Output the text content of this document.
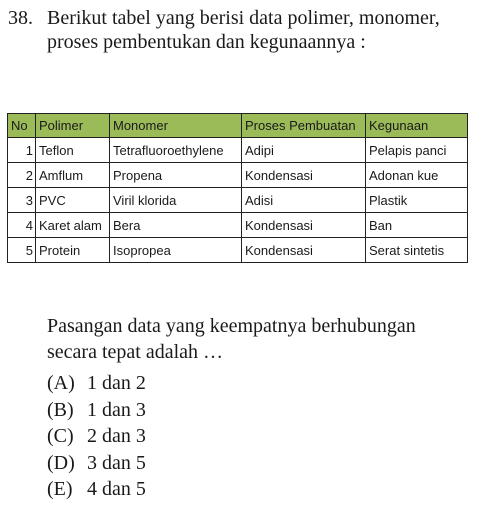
38. Berikut tabel yang berisi data polimer, monomer, proses pembentukan dan kegunaannya :
No	Polimer	Monomer	Proses Pembuatan	Kegunaan
1	Teflon	Tetrafluoroethylene	Adipi	Pelapis panci
2	Amflum	Propena	Kondensasi	Adonan kue
3	PVC	Viril klorida	Adisi	Plastik
4	Karet alam	Bera	Kondensasi	Ban
5	Protein	Isopropea	Kondensasi	Serat sintetis
Pasangan data yang keempatnya berhubungan secara tepat adalah …
(A) 1 dan 2
(B) 1 dan 3
(C) 2 dan 3
(D) 3 dan 5
(E) 4 dan 5
